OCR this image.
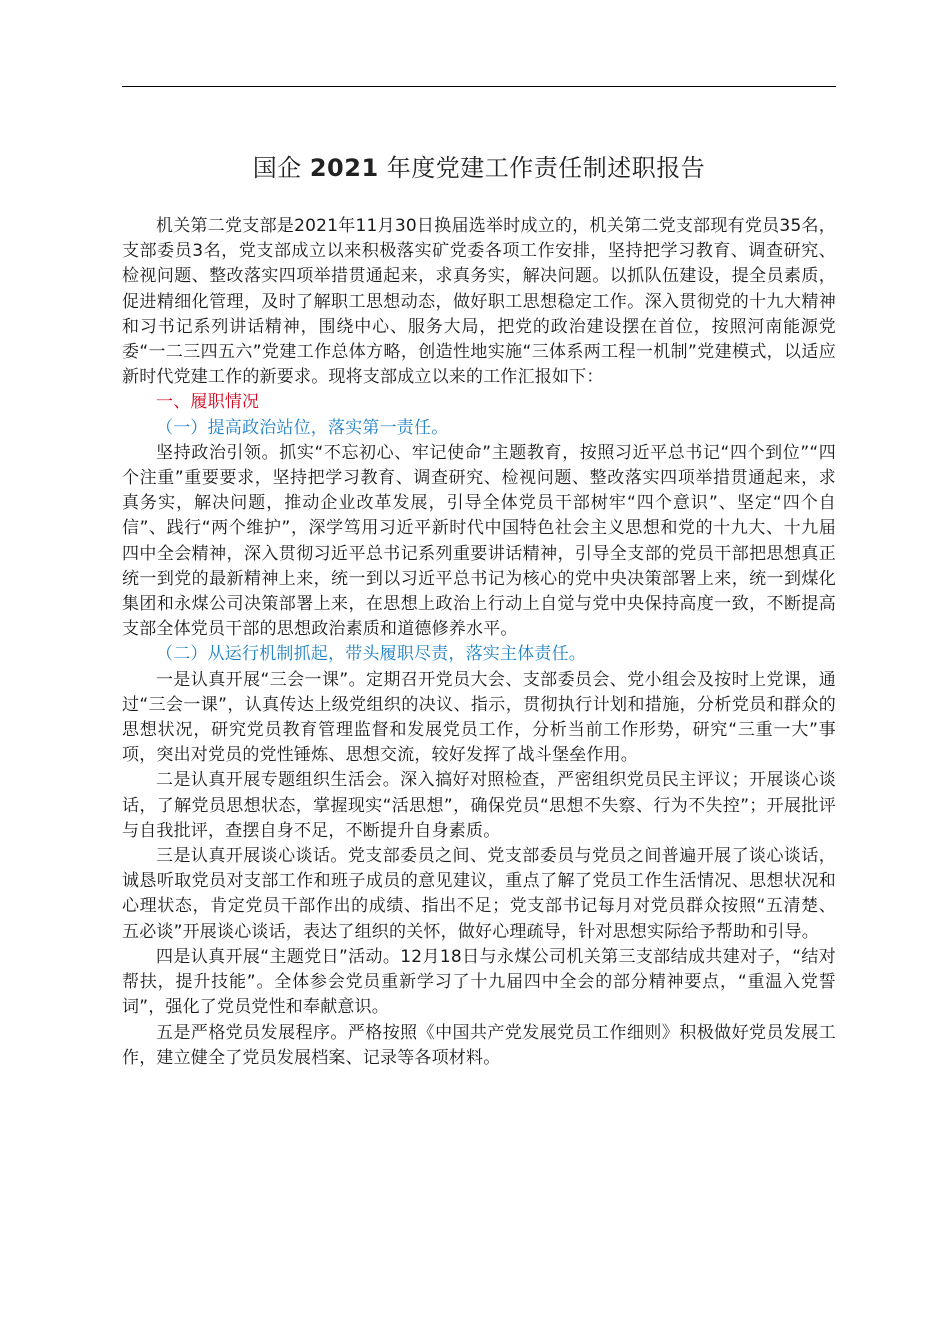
国企 2021 年度党建工作责任制述职报告

机关第二党支部是2021年11月30日换届选举时成立的，机关第二党支部现有党员35名，支部委员3名，党支部成立以来积极落实矿党委各项工作安排，坚持把学习教育、调查研究、检视问题、整改落实四项举措贯通起来，求真务实，解决问题。以抓队伍建设，提全员素质，促进精细化管理，及时了解职工思想动态，做好职工思想稳定工作。深入贯彻党的十九大精神和习书记系列讲话精神，围绕中心、服务大局，把党的政治建设摆在首位，按照河南能源党委“一二三四五六”党建工作总体方略，创造性地实施“三体系两工程一机制”党建模式，以适应新时代党建工作的新要求。现将支部成立以来的工作汇报如下：

一、履职情况

（一）提高政治站位，落实第一责任。

坚持政治引领。抓实“不忘初心、牢记使命”主题教育，按照习近平总书记“四个到位”“四个注重”重要要求，坚持把学习教育、调查研究、检视问题、整改落实四项举措贯通起来，求真务实，解决问题，推动企业改革发展，引导全体党员干部树牢“四个意识”、坚定“四个自信”、践行“两个维护”，深学笃用习近平新时代中国特色社会主义思想和党的十九大、十九届四中全会精神，深入贯彻习近平总书记系列重要讲话精神，引导全支部的党员干部把思想真正统一到党的最新精神上来，统一到以习近平总书记为核心的党中央决策部署上来，统一到煤化集团和永煤公司决策部署上来，在思想上政治上行动上自觉与党中央保持高度一致，不断提高支部全体党员干部的思想政治素质和道德修养水平。

（二）从运行机制抓起，带头履职尽责，落实主体责任。

一是认真开展“三会一课”。定期召开党员大会、支部委员会、党小组会及按时上党课，通过“三会一课”，认真传达上级党组织的决议、指示，贯彻执行计划和措施，分析党员和群众的思想状况，研究党员教育管理监督和发展党员工作，分析当前工作形势，研究“三重一大”事项，突出对党员的党性锤炼、思想交流，较好发挥了战斗堡垒作用。

二是认真开展专题组织生活会。深入搞好对照检查，严密组织党员民主评议；开展谈心谈话，了解党员思想状态，掌握现实“活思想”，确保党员“思想不失察、行为不失控”；开展批评与自我批评，查摆自身不足，不断提升自身素质。

三是认真开展谈心谈话。党支部委员之间、党支部委员与党员之间普遍开展了谈心谈话，诚恳听取党员对支部工作和班子成员的意见建议，重点了解了党员工作生活情况、思想状况和心理状态，肯定党员干部作出的成绩、指出不足；党支部书记每月对党员群众按照“五清楚、五必谈”开展谈心谈话，表达了组织的关怀，做好心理疏导，针对思想实际给予帮助和引导。

四是认真开展“主题党日”活动。12月18日与永煤公司机关第三支部结成共建对子，“结对帮扶，提升技能”。全体参会党员重新学习了十九届四中全会的部分精神要点，“重温入党誓词”，强化了党员党性和奉献意识。

五是严格党员发展程序。严格按照《中国共产党发展党员工作细则》积极做好党员发展工作，建立健全了党员发展档案、记录等各项材料。
